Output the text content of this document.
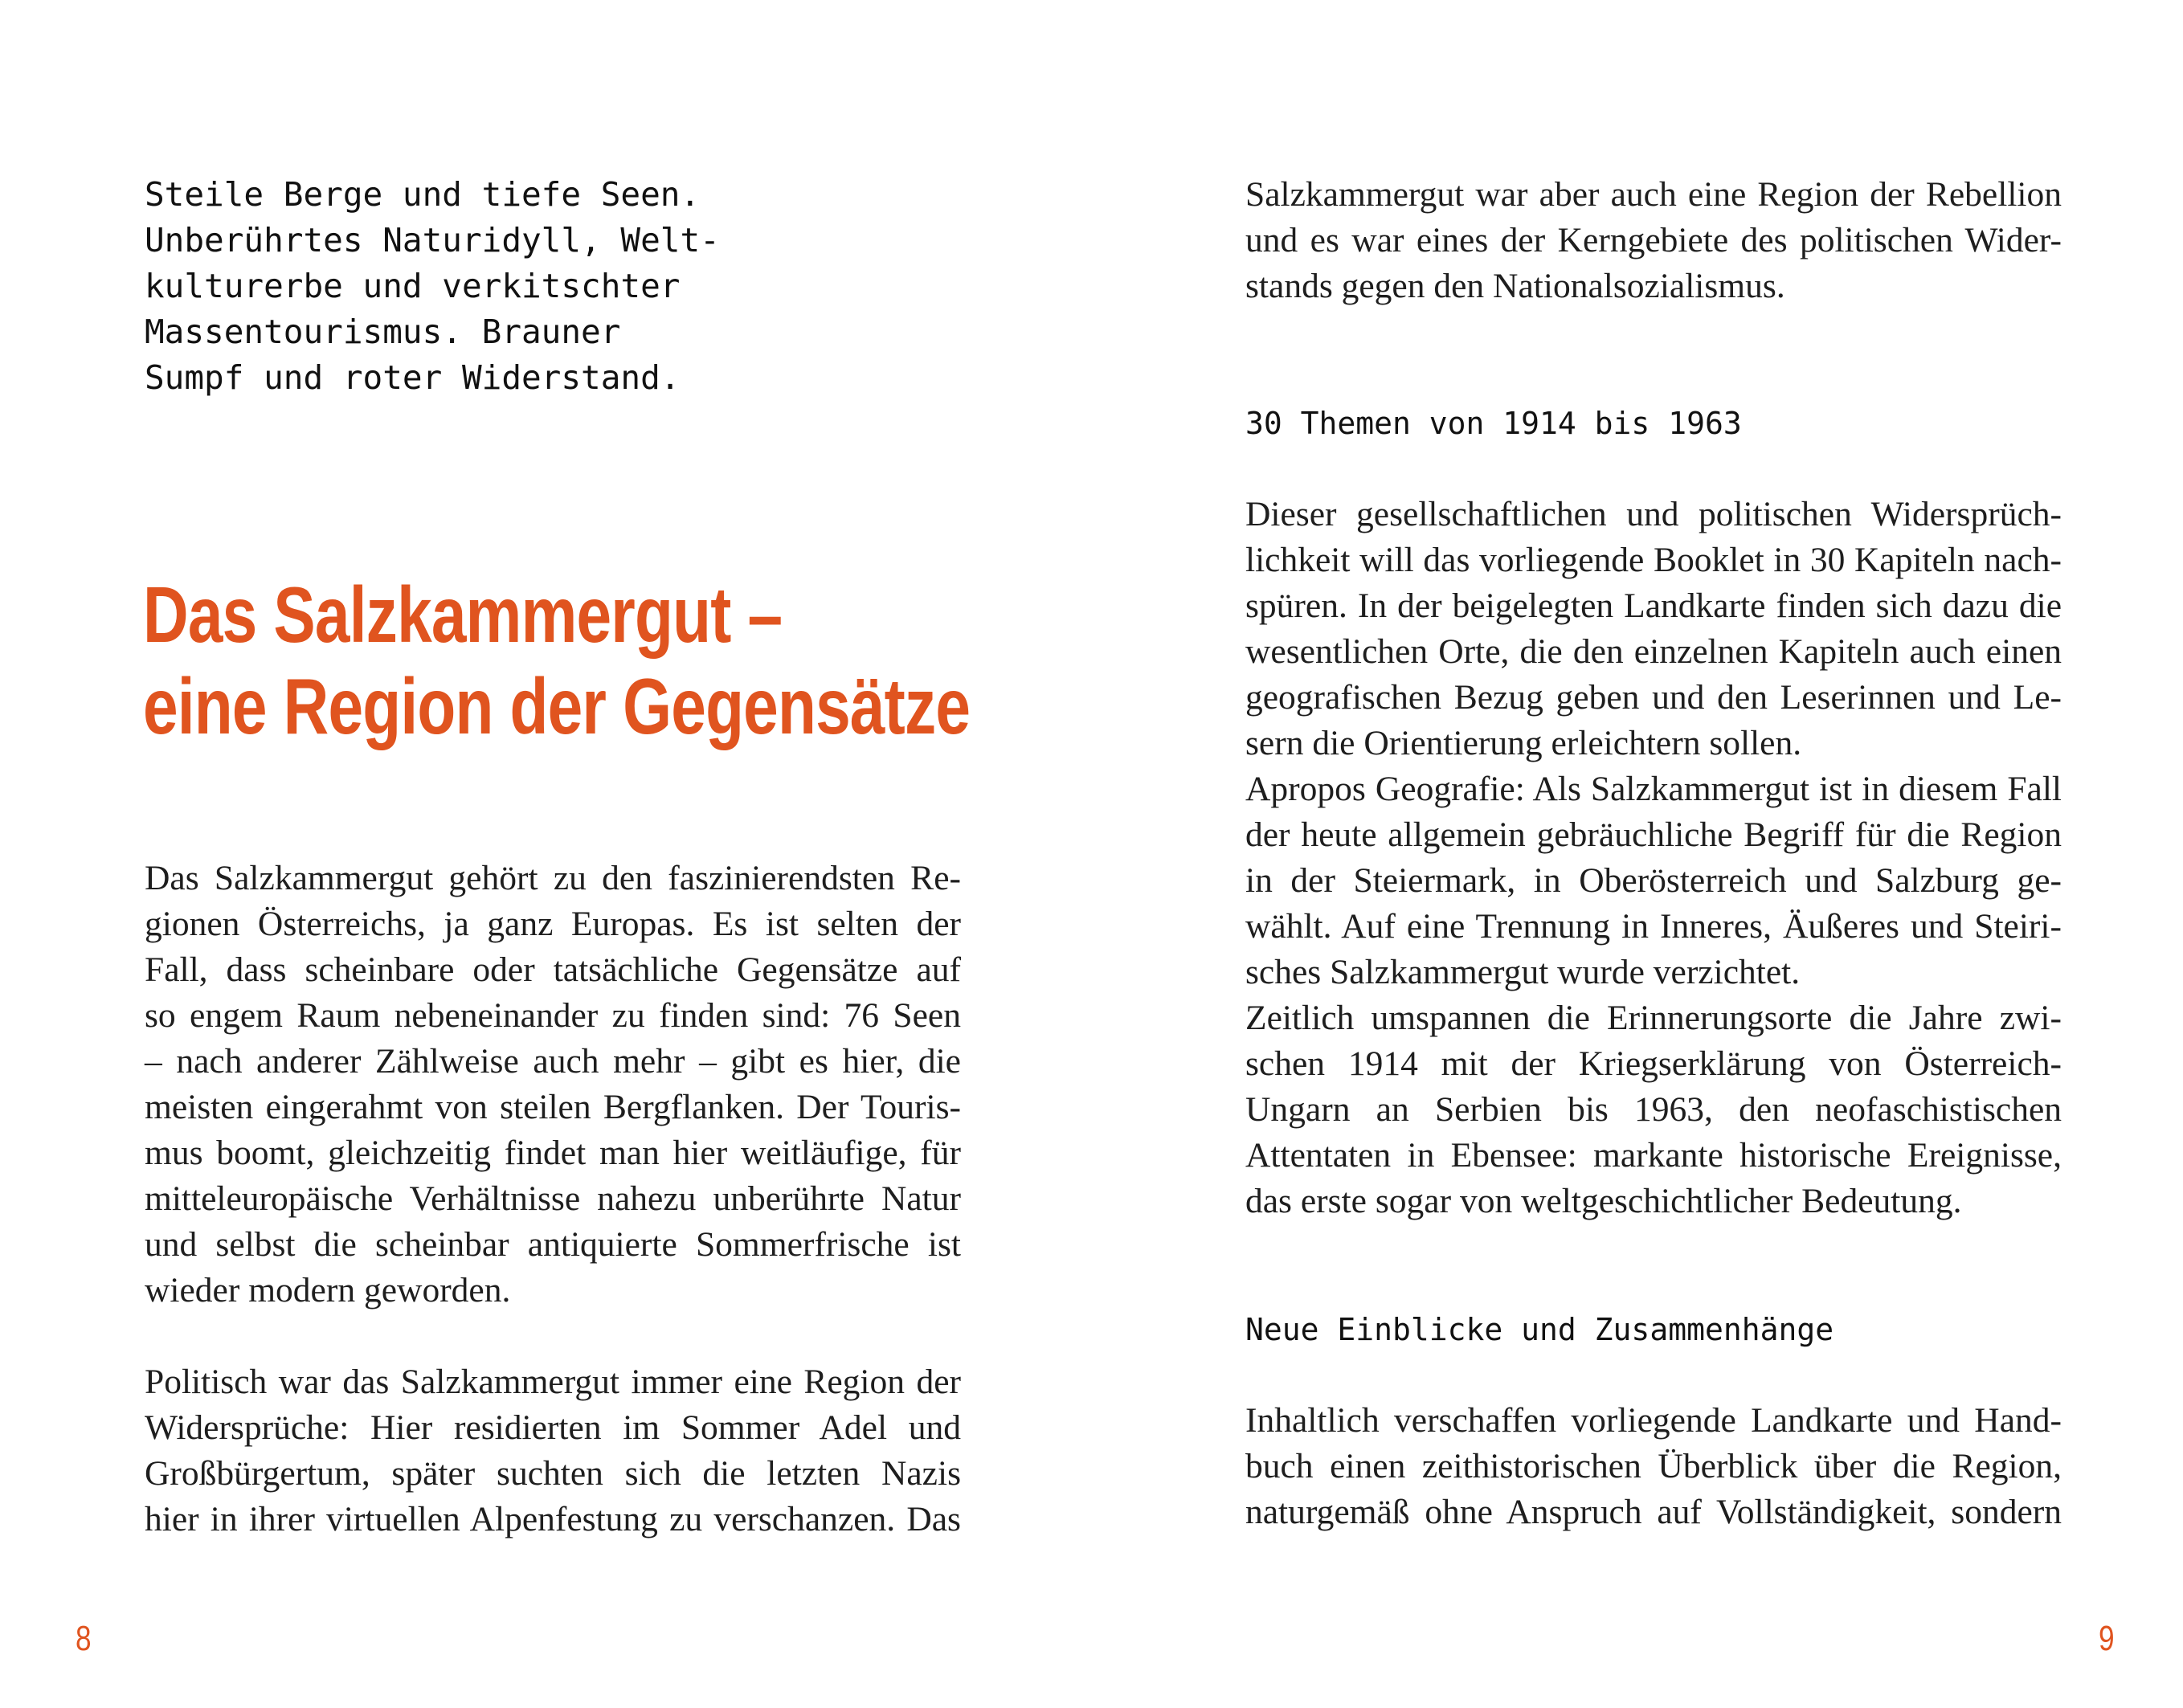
Steile Berge und tiefe Seen.
Unberührtes Naturidyll, Welt-
kulturerbe und verkitschter
Massentourismus. Brauner
Sumpf und roter Widerstand.
Das Salzkammergut –
eine Region der Gegensätze
Das Salzkammergut gehört zu den faszinierendsten Re-
gionen Österreichs, ja ganz Europas. Es ist selten der
Fall, dass scheinbare oder tatsächliche Gegensätze auf
so engem Raum nebeneinander zu finden sind: 76 Seen
– nach anderer Zählweise auch mehr – gibt es hier, die
meisten eingerahmt von steilen Bergflanken. Der Touris-
mus boomt, gleichzeitig findet man hier weitläufige, für
mitteleuropäische Verhältnisse nahezu unberührte Natur
und selbst die scheinbar antiquierte Sommerfrische ist
wieder modern geworden.
Politisch war das Salzkammergut immer eine Region der
Widersprüche: Hier residierten im Sommer Adel und
Großbürgertum, später suchten sich die letzten Nazis
hier in ihrer virtuellen Alpenfestung zu verschanzen. Das
8
Salzkammergut war aber auch eine Region der Rebellion
und es war eines der Kerngebiete des politischen Wider-
stands gegen den Nationalsozialismus.
30 Themen von 1914 bis 1963
Dieser gesellschaftlichen und politischen Widersprüch-
lichkeit will das vorliegende Booklet in 30 Kapiteln nach-
spüren. In der beigelegten Landkarte finden sich dazu die
wesentlichen Orte, die den einzelnen Kapiteln auch einen
geografischen Bezug geben und den Leserinnen und Le-
sern die Orientierung erleichtern sollen.
Apropos Geografie: Als Salzkammergut ist in diesem Fall
der heute allgemein gebräuchliche Begriff für die Region
in der Steiermark, in Oberösterreich und Salzburg ge-
wählt. Auf eine Trennung in Inneres, Äußeres und Steiri-
sches Salzkammergut wurde verzichtet.
Zeitlich umspannen die Erinnerungsorte die Jahre zwi-
schen 1914 mit der Kriegserklärung von Österreich-
Ungarn an Serbien bis 1963, den neofaschistischen
Attentaten in Ebensee: markante historische Ereignisse,
das erste sogar von weltgeschichtlicher Bedeutung.
Neue Einblicke und Zusammenhänge
Inhaltlich verschaffen vorliegende Landkarte und Hand-
buch einen zeithistorischen Überblick über die Region,
naturgemäß ohne Anspruch auf Vollständigkeit, sondern
9
